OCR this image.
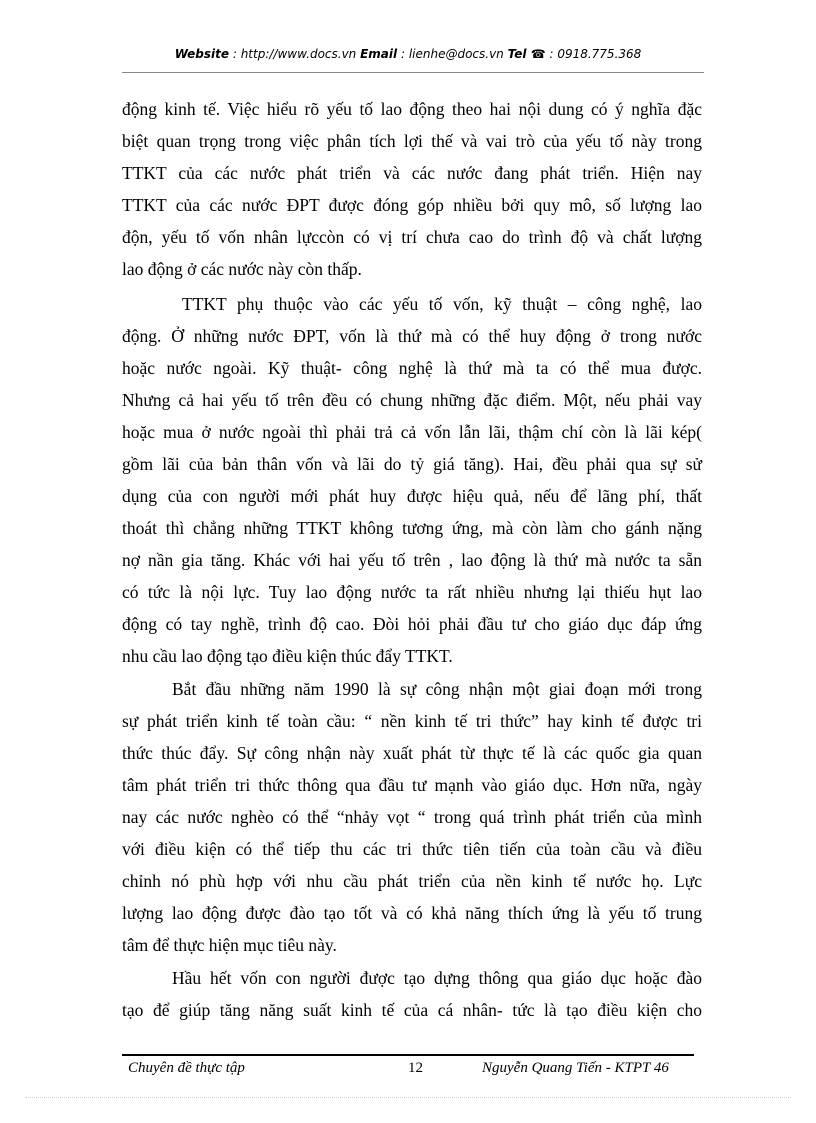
Website : http://www.docs.vn Email : lienhe@docs.vn Tel ☎ : 0918.775.368
động kinh tế. Việc hiểu rõ yếu tố lao động theo hai nội dung có ý nghĩa đặc
biệt quan trọng trong việc phân tích lợi thế và vai trò của yếu tố này trong
TTKT của các nước phát triển và các nước đang phát triển. Hiện nay
TTKT của các nước ĐPT được đóng góp nhiều bởi quy mô, số lượng lao
độn, yếu tố vốn nhân lựccòn có vị trí chưa cao do trình độ và chất lượng
lao động ở các nước này còn thấp.
TTKT phụ thuộc vào các yếu tố vốn, kỹ thuật – công nghệ, lao
động. Ở những nước ĐPT, vốn là thứ mà có thể huy động ở trong nước
hoặc nước ngoài. Kỹ thuật- công nghệ là thứ mà ta có thể mua được.
Nhưng cả hai yếu tố trên đều có chung những đặc điểm. Một, nếu phải vay
hoặc mua ở nước ngoài thì phải trả cả vốn lẫn lãi, thậm chí còn là lãi kép(
gồm lãi của bản thân vốn và lãi do tỷ giá tăng). Hai, đều phải qua sự sử
dụng của con người mới phát huy được hiệu quả, nếu để lãng phí, thất
thoát thì chẳng những TTKT không tương ứng, mà còn làm cho gánh nặng
nợ nần gia tăng. Khác với hai yếu tố trên , lao động là thứ mà nước ta sẵn
có tức là nội lực. Tuy lao động nước ta rất nhiều nhưng lại thiếu hụt lao
động có tay nghề, trình độ cao. Đòi hỏi phải đầu tư cho giáo dục đáp ứng
nhu cầu lao động tạo điều kiện thúc đẩy TTKT.
Bắt đầu những năm 1990 là sự công nhận một giai đoạn mới trong
sự phát triển kinh tế toàn cầu: “ nền kinh tế tri thức” hay kinh tế được tri
thức thúc đẩy. Sự công nhận này xuất phát từ thực tế là các quốc gia quan
tâm phát triển tri thức thông qua đầu tư mạnh vào giáo dục. Hơn nữa, ngày
nay các nước nghèo có thể “nhảy vọt “ trong quá trình phát triển của mình
với điều kiện có thể tiếp thu các tri thức tiên tiến của toàn cầu và điều
chỉnh nó phù hợp với nhu cầu phát triển của nền kinh tế nước họ. Lực
lượng lao động được đào tạo tốt và có khả năng thích ứng là yếu tố trung
tâm để thực hiện mục tiêu này.
Hầu hết vốn con người được tạo dựng thông qua giáo dục hoặc đào
tạo để giúp tăng năng suất kinh tế của cá nhân- tức là tạo điều kiện cho
Chuyên đề thực tập	12	Nguyễn Quang Tiến - KTPT 46
